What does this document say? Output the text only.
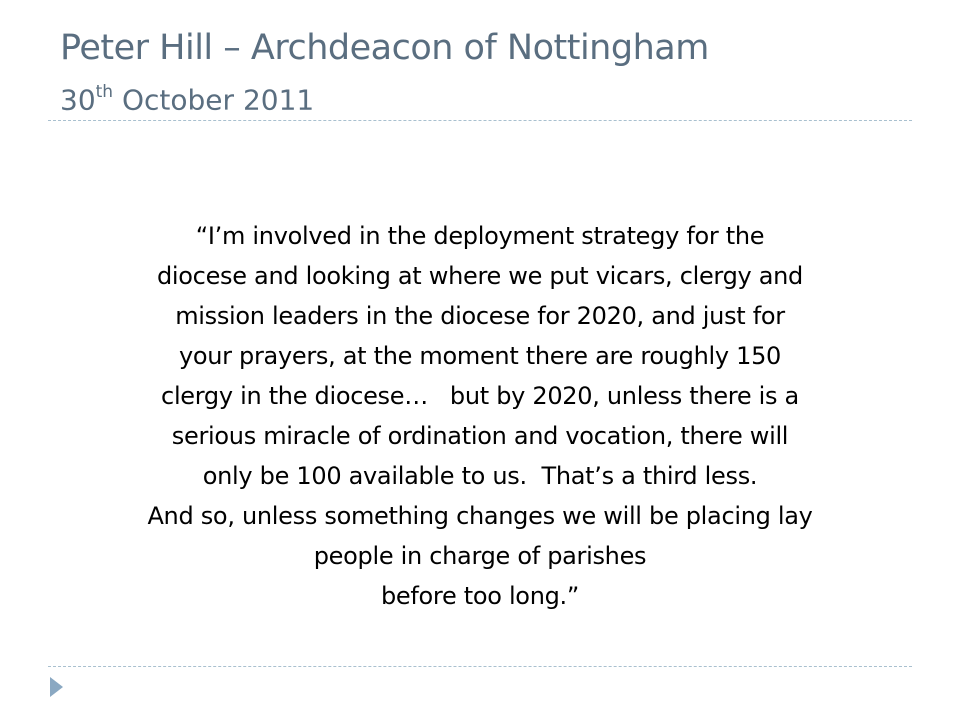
Peter Hill – Archdeacon of Nottingham
30th October 2011
“I’m involved in the deployment strategy for the
diocese and looking at where we put vicars, clergy and
mission leaders in the diocese for 2020, and just for
your prayers, at the moment there are roughly 150
clergy in the diocese…   but by 2020, unless there is a
serious miracle of ordination and vocation, there will
only be 100 available to us.  That’s a third less.
And so, unless something changes we will be placing lay
people in charge of parishes
before too long.”
